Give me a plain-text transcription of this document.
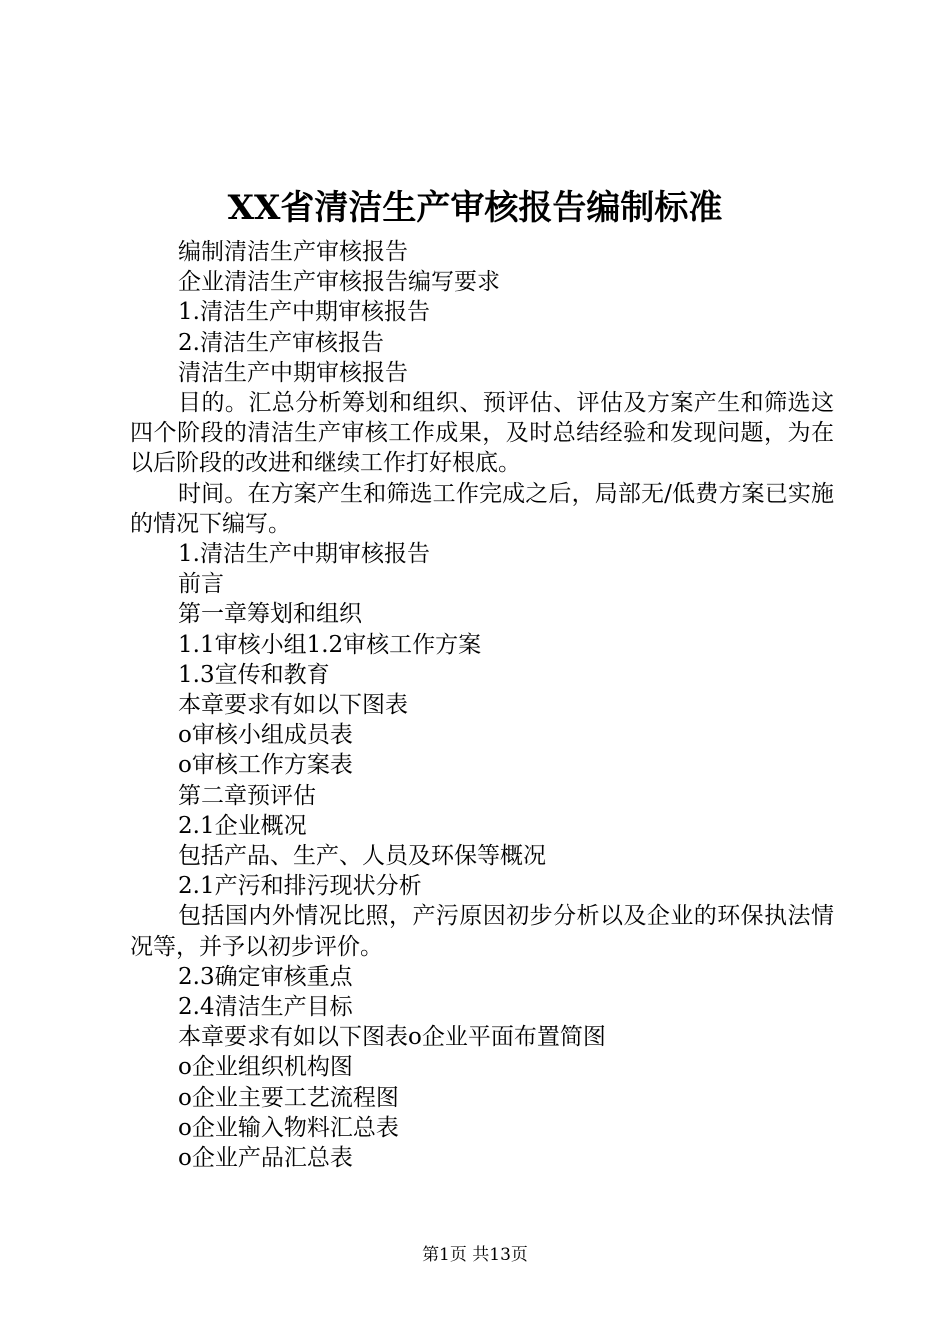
XX省清洁生产审核报告编制标准

编制清洁生产审核报告

企业清洁生产审核报告编写要求

1.清洁生产中期审核报告

2.清洁生产审核报告

清洁生产中期审核报告

目的。汇总分析筹划和组织、预评估、评估及方案产生和筛选这四个阶段的清洁生产审核工作成果，及时总结经验和发现问题，为在以后阶段的改进和继续工作打好根底。

时间。在方案产生和筛选工作完成之后，局部无/低费方案已实施的情况下编写。

1.清洁生产中期审核报告

前言

第一章筹划和组织

1.1审核小组1.2审核工作方案

1.3宣传和教育

本章要求有如以下图表

o审核小组成员表

o审核工作方案表

第二章预评估

2.1企业概况

包括产品、生产、人员及环保等概况

2.1产污和排污现状分析

包括国内外情况比照，产污原因初步分析以及企业的环保执法情况等，并予以初步评价。

2.3确定审核重点

2.4清洁生产目标

本章要求有如以下图表o企业平面布置简图

o企业组织机构图

o企业主要工艺流程图

o企业输入物料汇总表

o企业产品汇总表

第1页 共13页
